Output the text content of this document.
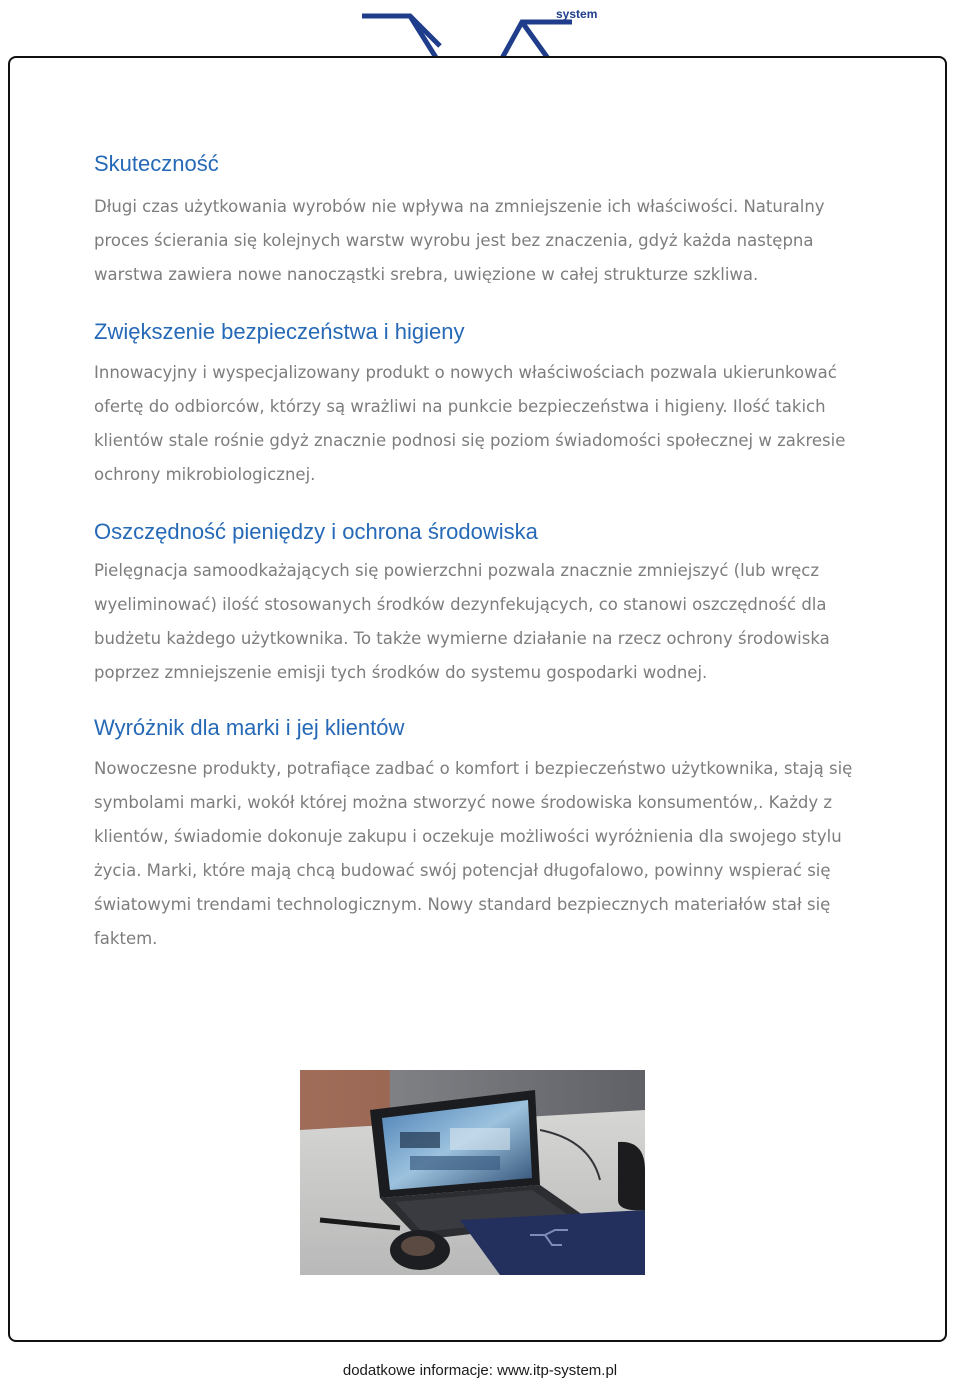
system
Skuteczność

Długi czas użytkowania wyrobów nie wpływa na zmniejszenie ich właściwości. Naturalny proces ścierania się kolejnych warstw wyrobu jest bez znaczenia, gdyż każda następna warstwa zawiera nowe nanocząstki srebra, uwięzione w całej strukturze szkliwa.

Zwiększenie bezpieczeństwa i higieny

Innowacyjny i wyspecjalizowany produkt o nowych właściwościach pozwala ukierunkować ofertę do odbiorców, którzy są wrażliwi na punkcie bezpieczeństwa i higieny. Ilość takich klientów stale rośnie gdyż znacznie podnosi się poziom świadomości społecznej w zakresie ochrony mikrobiologicznej.

Oszczędność pieniędzy i ochrona środowiska

Pielęgnacja samoodkażających się powierzchni pozwala znacznie zmniejszyć (lub wręcz wyeliminować) ilość stosowanych środków dezynfekujących, co stanowi oszczędność dla budżetu każdego użytkownika. To także wymierne działanie na rzecz ochrony środowiska poprzez zmniejszenie emisji tych środków do systemu gospodarki wodnej.

Wyróżnik dla marki i jej klientów

Nowoczesne produkty, potrafiące zadbać o komfort i bezpieczeństwo użytkownika, stają się symbolami marki, wokół której można stworzyć nowe środowiska konsumentów,. Każdy z klientów, świadomie dokonuje zakupu i oczekuje możliwości wyróżnienia dla swojego stylu życia. Marki, które mają chcą budować swój potencjał długofalowo, powinny wspierać się światowymi trendami technologicznym. Nowy standard bezpiecznych materiałów stał się faktem.

dodatkowe informacje: www.itp-system.pl
